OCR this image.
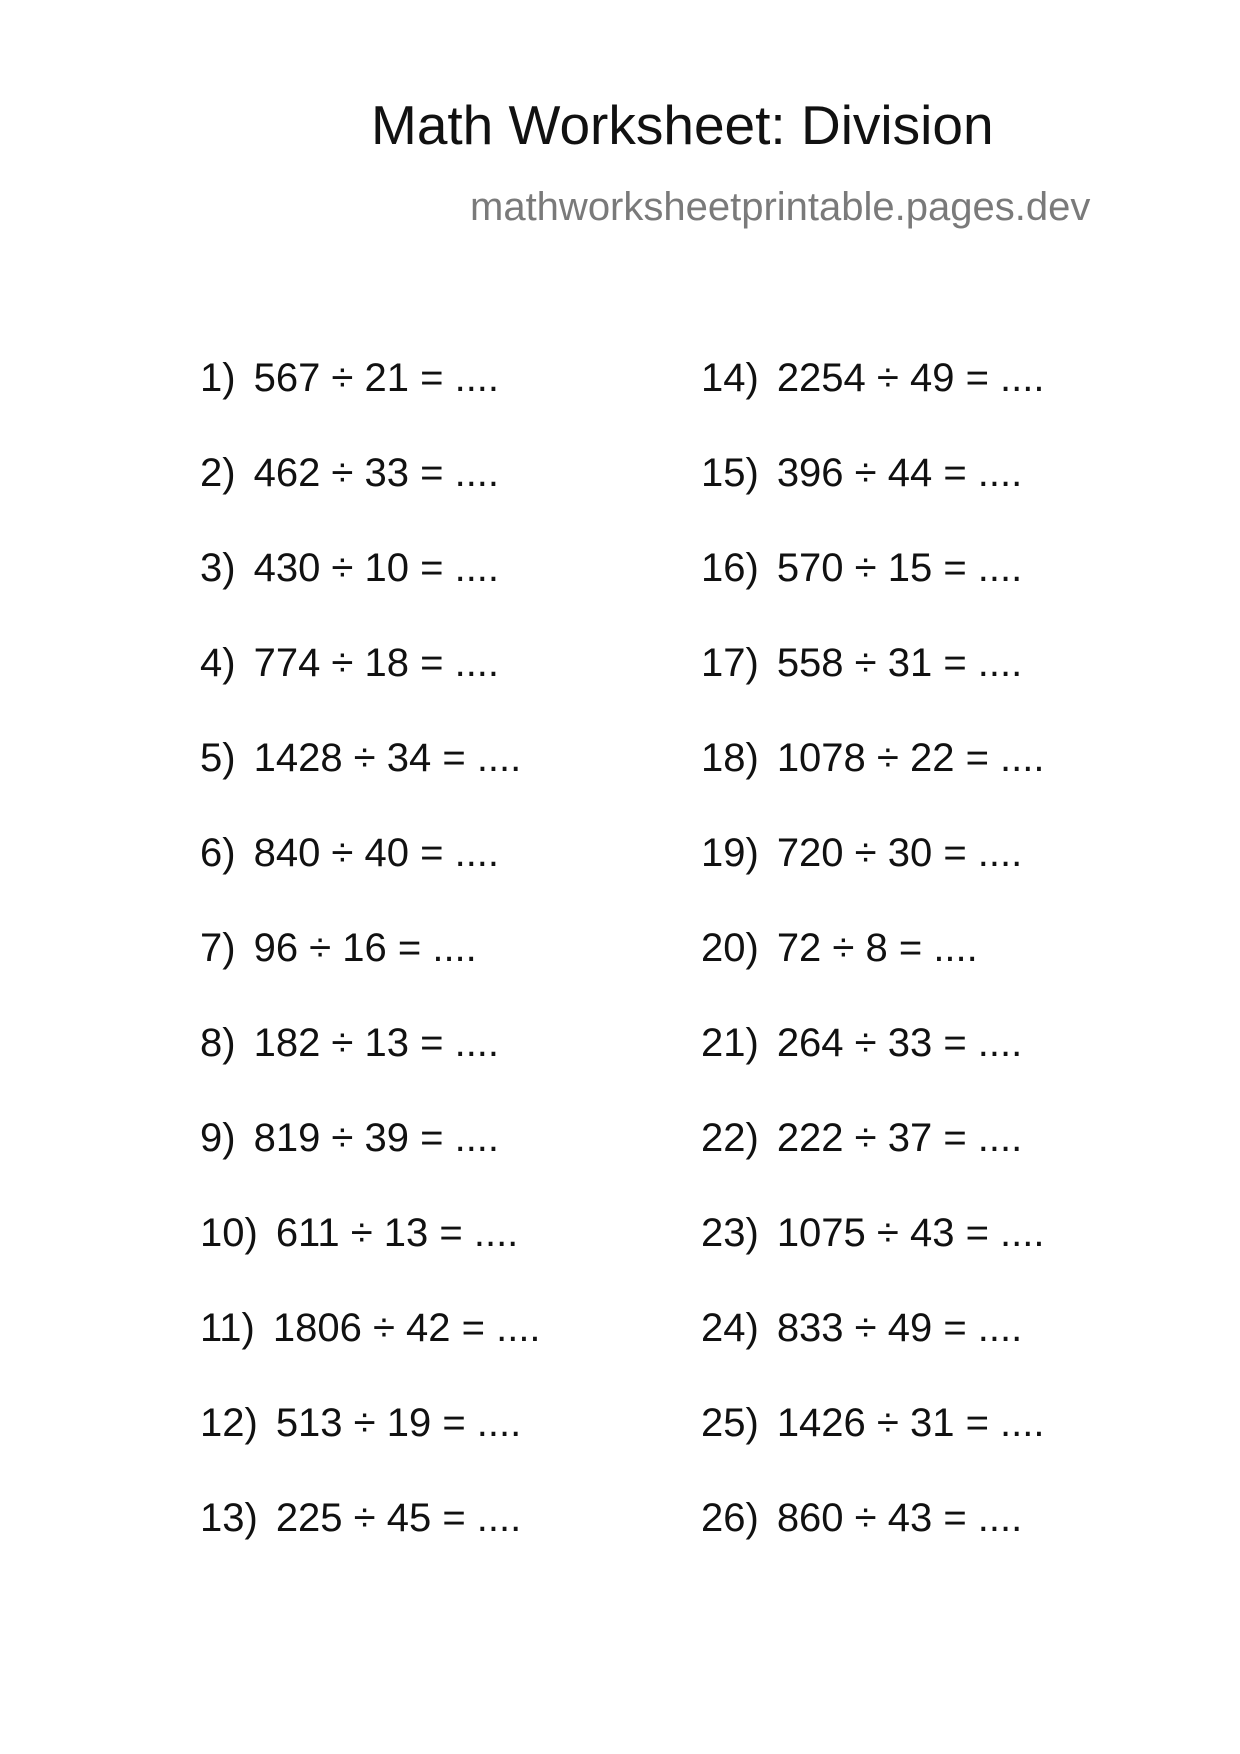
Math Worksheet: Division
mathworksheetprintable.pages.dev
1) 567 ÷ 21 = ....
2) 462 ÷ 33 = ....
3) 430 ÷ 10 = ....
4) 774 ÷ 18 = ....
5) 1428 ÷ 34 = ....
6) 840 ÷ 40 = ....
7) 96 ÷ 16 = ....
8) 182 ÷ 13 = ....
9) 819 ÷ 39 = ....
10) 611 ÷ 13 = ....
11) 1806 ÷ 42 = ....
12) 513 ÷ 19 = ....
13) 225 ÷ 45 = ....
14) 2254 ÷ 49 = ....
15) 396 ÷ 44 = ....
16) 570 ÷ 15 = ....
17) 558 ÷ 31 = ....
18) 1078 ÷ 22 = ....
19) 720 ÷ 30 = ....
20) 72 ÷ 8 = ....
21) 264 ÷ 33 = ....
22) 222 ÷ 37 = ....
23) 1075 ÷ 43 = ....
24) 833 ÷ 49 = ....
25) 1426 ÷ 31 = ....
26) 860 ÷ 43 = ....
